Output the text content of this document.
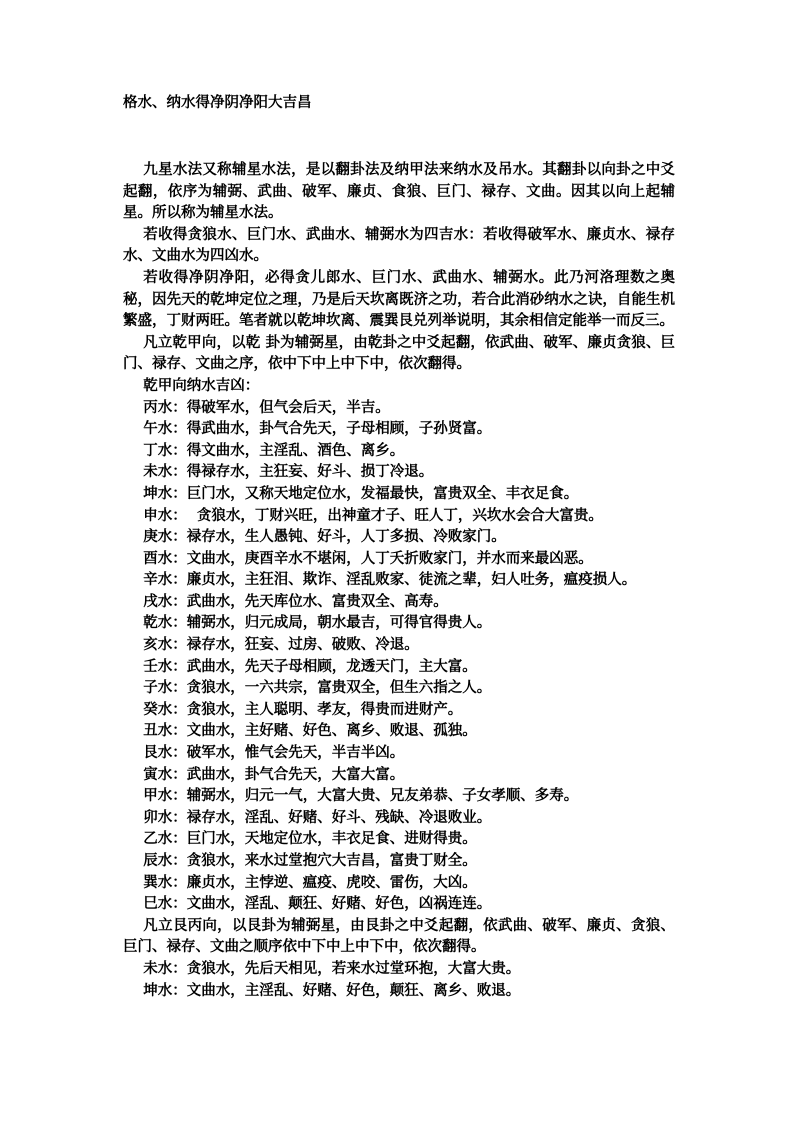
格水、纳水得净阴净阳大吉昌

九星水法又称辅星水法，是以翻卦法及纳甲法来纳水及吊水。其翻卦以向卦之中爻起翻，依序为辅弼、武曲、破军、廉贞、食狼、巨门、禄存、文曲。因其以向上起辅星。所以称为辅星水法。

若收得贪狼水、巨门水、武曲水、辅弼水为四吉水：若收得破军水、廉贞水、禄存水、文曲水为四凶水。

若收得净阴净阳，必得贪儿郎水、巨门水、武曲水、辅弼水。此乃河洛理数之奥秘，因先天的乾坤定位之理，乃是后天坎离既济之功，若合此消砂纳水之诀，自能生机繁盛，丁财两旺。笔者就以乾坤坎离、震巽艮兑列举说明，其余相信定能举一而反三。

凡立乾甲向，以乾 卦为辅弼星，由乾卦之中爻起翻，依武曲、破军、廉贞贪狼、巨门、禄存、文曲之序，依中下中上中下中，依次翻得。

乾甲向纳水吉凶：

丙水：得破军水，但气会后天，半吉。

午水：得武曲水，卦气合先天，子母相顾，子孙贤富。

丁水：得文曲水，主淫乱、酒色、离乡。

未水：得禄存水，主狂妄、好斗、损丁冷退。

坤水：巨门水，又称天地定位水，发福最快，富贵双全、丰衣足食。

申水：  贪狼水，丁财兴旺，出神童才子、旺人丁，兴坎水会合大富贵。

庚水：禄存水，生人愚钝、好斗，人丁多损、冷败家门。

酉水：文曲水，庚酉辛水不堪闲，人丁夭折败家门，并水而来最凶恶。

辛水：廉贞水，主狂泪、欺诈、淫乱败家、徒流之辈，妇人吐务，瘟疫损人。

戌水：武曲水，先天库位水、富贵双全、高寿。

乾水：辅弼水，归元成局，朝水最吉，可得官得贵人。

亥水：禄存水，狂妄、过房、破败、冷退。

壬水：武曲水，先天子母相顾，龙透天门，主大富。

子水：贪狼水，一六共宗，富贵双全，但生六指之人。

癸水：贪狼水，主人聪明、孝友，得贵而进财产。

丑水：文曲水，主好赌、好色、离乡、败退、孤独。

艮水：破军水，惟气会先天，半吉半凶。

寅水：武曲水，卦气合先天，大富大富。

甲水：辅弼水，归元一气，大富大贵、兄友弟恭、子女孝顺、多寿。

卯水：禄存水，淫乱、好赌、好斗、残缺、冷退败业。

乙水：巨门水，天地定位水，丰衣足食、进财得贵。

辰水：贪狼水，来水过堂抱穴大吉昌，富贵丁财全。

巽水：廉贞水，主悖逆、瘟疫、虎咬、雷伤，大凶。

巳水：文曲水，淫乱、颠狂、好赌、好色，凶祸连连。

凡立艮丙向，以艮卦为辅弼星，由艮卦之中爻起翻，依武曲、破军、廉贞、贪狼、巨门、禄存、文曲之顺序依中下中上中下中，依次翻得。

未水：贪狼水，先后天相见，若来水过堂环抱，大富大贵。

坤水：文曲水，主淫乱、好赌、好色，颠狂、离乡、败退。
